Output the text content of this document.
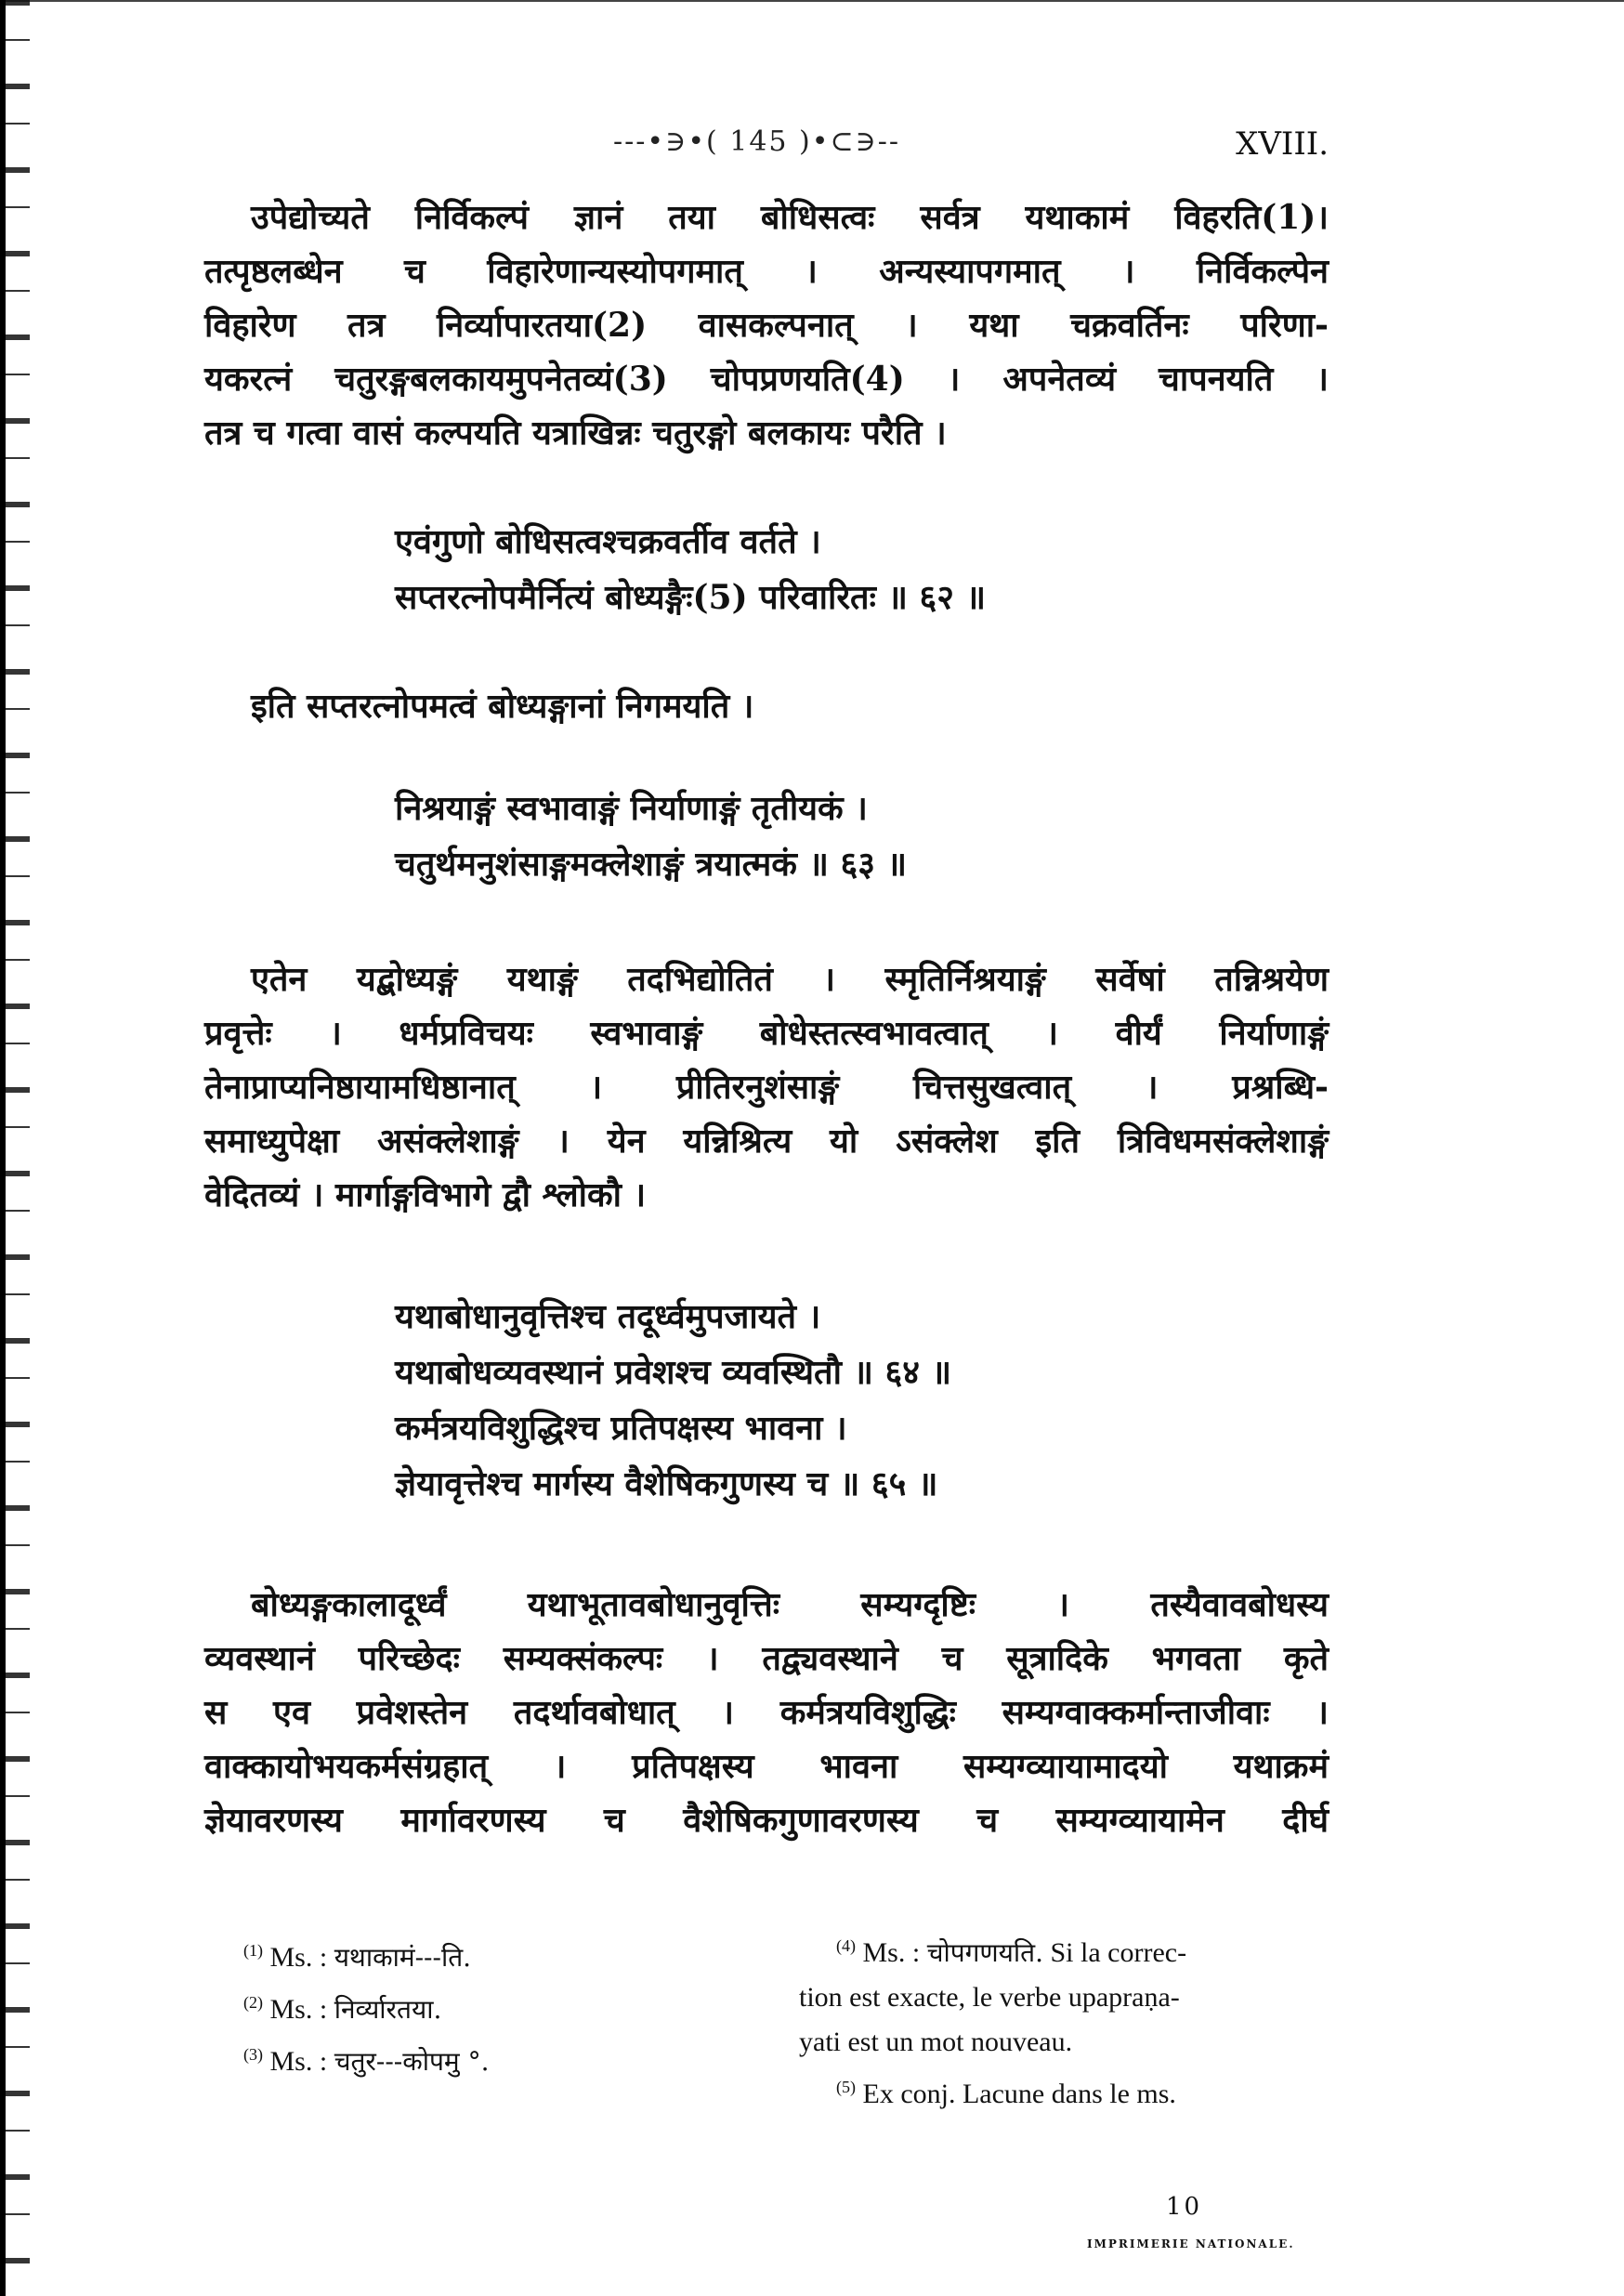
---•∋•( 145 )•⊂∋--	XVIII.
उपेद्योच्यते निर्विकल्पं ज्ञानं तया बोधिसत्वः सर्वत्र यथाकामं विहरति(1)।
तत्पृष्ठलब्धेन च विहारेणान्यस्योपगमात् । अन्यस्यापगमात् । निर्विकल्पेन
विहारेण तत्र निर्व्यापारतया(2) वासकल्पनात् । यथा चक्रवर्तिनः परिणा-
यकरत्नं चतुरङ्गबलकायमुपनेतव्यं(3) चोपप्रणयति(4) । अपनेतव्यं चापनयति ।
तत्र च गत्वा वासं कल्पयति यत्राखिन्नः चतुरङ्गो बलकायः परैति ।
एवंगुणो बोधिसत्वश्चक्रवर्तीव वर्तते ।
सप्तरत्नोपमैर्नित्यं बोध्यङ्गैः(5) परिवारितः ॥ ६२ ॥
इति सप्तरत्नोपमत्वं बोध्यङ्गानां निगमयति ।
निश्रयाङ्गं स्वभावाङ्गं निर्याणाङ्गं तृतीयकं ।
चतुर्थमनुशंसाङ्गमक्लेशाङ्गं त्रयात्मकं ॥ ६३ ॥
एतेन यद्बोध्यङ्गं यथाङ्गं तदभिद्योतितं । स्मृतिर्निश्रयाङ्गं सर्वेषां तन्निश्रयेण
प्रवृत्तेः । धर्मप्रविचयः स्वभावाङ्गं बोधेस्तत्स्वभावत्वात् । वीर्यं निर्याणाङ्गं
तेनाप्राप्यनिष्ठायामधिष्ठानात् । प्रीतिरनुशंसाङ्गं चित्तसुखत्वात् । प्रश्रब्धि-
समाध्युपेक्षा असंक्लेशाङ्गं । येन यन्निश्रित्य यो ऽसंक्लेश इति त्रिविधमसंक्लेशाङ्गं
वेदितव्यं । मार्गाङ्गविभागे द्वौ श्लोकौ ।
यथाबोधानुवृत्तिश्च तदूर्ध्वमुपजायते ।
यथाबोधव्यवस्थानं प्रवेशश्च व्यवस्थितौ ॥ ६४ ॥
कर्मत्रयविशुद्धिश्च प्रतिपक्षस्य भावना ।
ज्ञेयावृत्तेश्च मार्गस्य वैशेषिकगुणस्य च ॥ ६५ ॥
बोध्यङ्गकालादूर्ध्वं यथाभूतावबोधानुवृत्तिः सम्यग्दृष्टिः । तस्यैवावबोधस्य
व्यवस्थानं परिच्छेदः सम्यक्संकल्पः । तद्व्यवस्थाने च सूत्रादिके भगवता कृते
स एव प्रवेशस्तेन तदर्थावबोधात् । कर्मत्रयविशुद्धिः सम्यग्वाक्कर्मान्ताजीवाः ।
वाक्कायोभयकर्मसंग्रहात् । प्रतिपक्षस्य भावना सम्यग्व्यायामादयो यथाक्रमं
ज्ञेयावरणस्य मार्गावरणस्य च वैशेषिकगुणावरणस्य च सम्यग्व्यायामेन दीर्घ
$^{(1)}$ Ms. : यथाकामं---ति.
$^{(2)}$ Ms. : निर्व्यारतया.
$^{(3)}$ Ms. : चतुर---कोपमु °.
$^{(4)}$ Ms. : चोपगणयति. Si la correc-
tion est exacte, le verbe upapraṇa-
yati est un mot nouveau.
$^{(5)}$ Ex conj. Lacune dans le ms.
10
IMPRIMERIE NATIONALE.
